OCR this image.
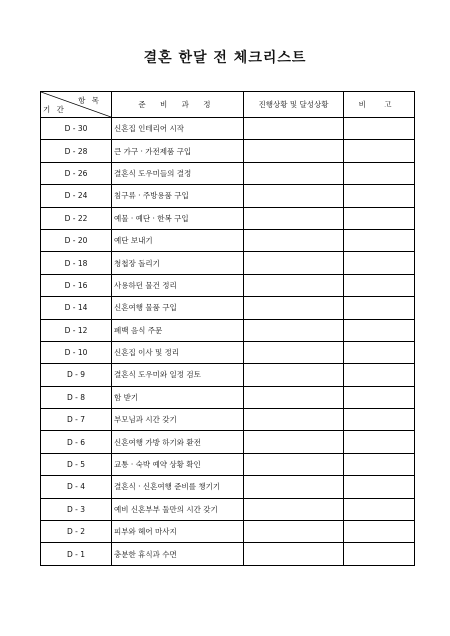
결혼 한달 전 체크리스트
항 목
기 간	준 비 과 정	진행상황 및 달성상황	비 고
D - 30	신혼집 인테리어 시작		
D - 28	큰 가구 · 가전제품 구입		
D - 26	결혼식 도우미들의 결정		
D - 24	침구류 · 주방용품 구입		
D - 22	예물 · 예단 · 한복 구입		
D - 20	예단 보내기		
D - 18	청첩장 돌리기		
D - 16	사용하던 물건 정리		
D - 14	신혼여행 물품 구입		
D - 12	폐백 음식 주문		
D - 10	신혼집 이사 및 정리		
D - 9	결혼식 도우미와 일정 검토		
D - 8	함 받기		
D - 7	부모님과 시간 갖기		
D - 6	신혼여행 가방 하기와 환전		
D - 5	교통 · 숙박 예약 상황 확인		
D - 4	결혼식 · 신혼여행 준비를 챙기기		
D - 3	예비 신혼부부 둘만의 시간 갖기		
D - 2	피부와 헤어 마사지		
D - 1	충분한 휴식과 수면		
